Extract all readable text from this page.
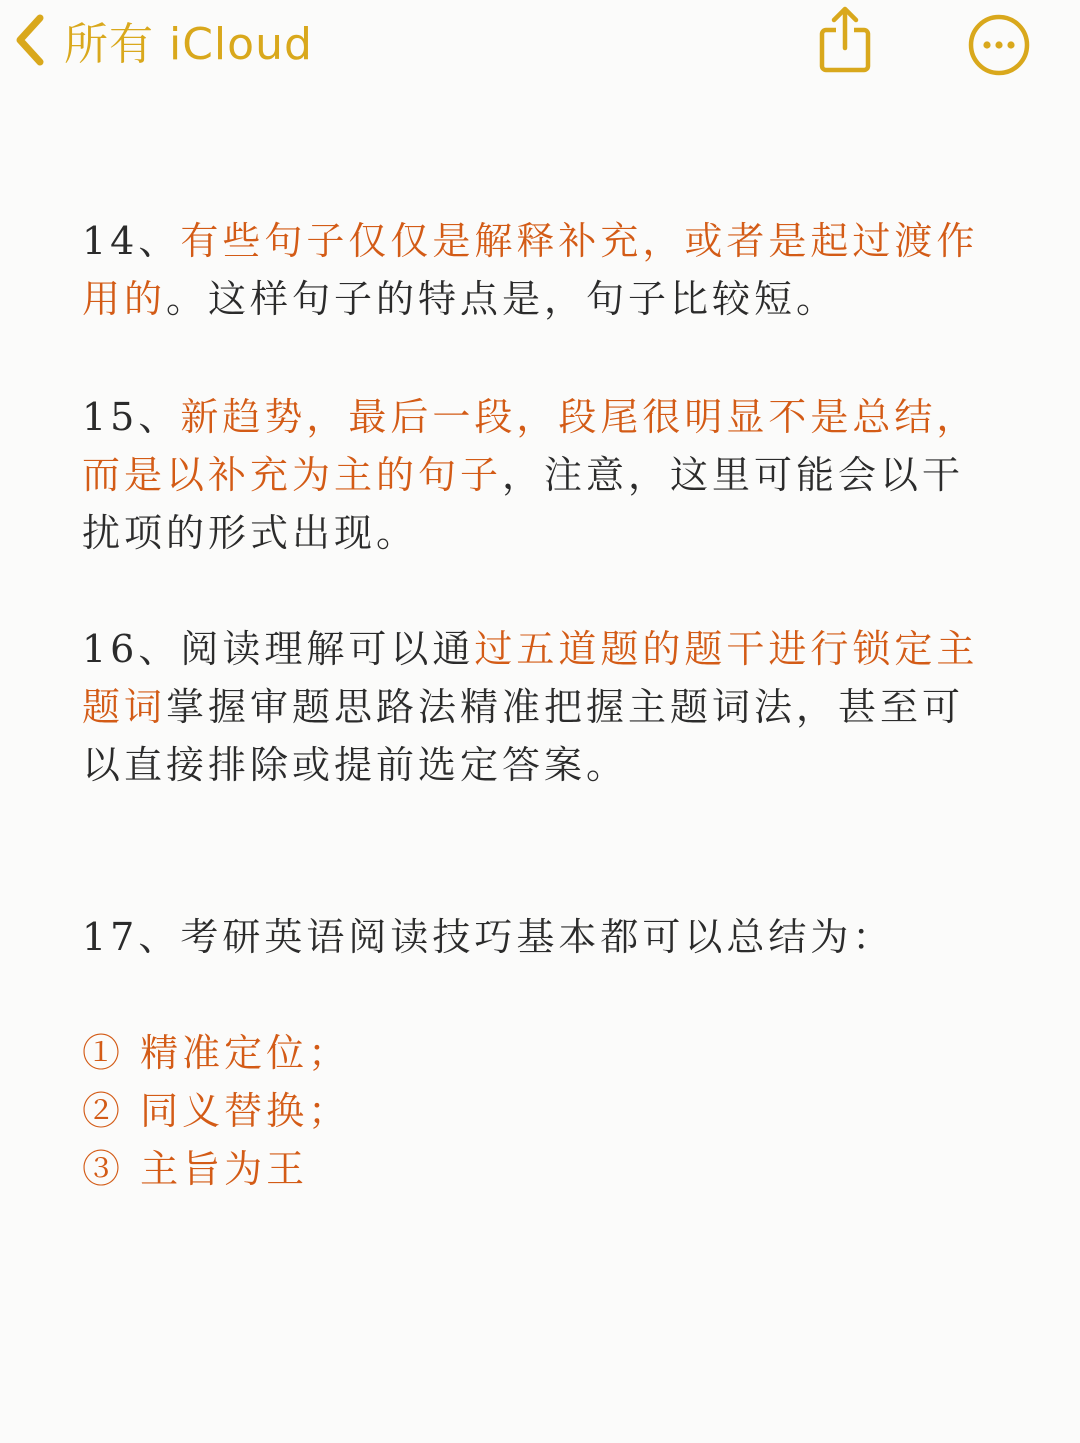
所有 iCloud

14、有些句子仅仅是解释补充，或者是起过渡作用的。这样句子的特点是，句子比较短。

15、新趋势，最后一段，段尾很明显不是总结，而是以补充为主的句子，注意，这里可能会以干扰项的形式出现。

16、阅读理解可以通过五道题的题干进行锁定主题词掌握审题思路法精准把握主题词法，甚至可以直接排除或提前选定答案。

17、考研英语阅读技巧基本都可以总结为：

① 精准定位；
② 同义替换；
③ 主旨为王
